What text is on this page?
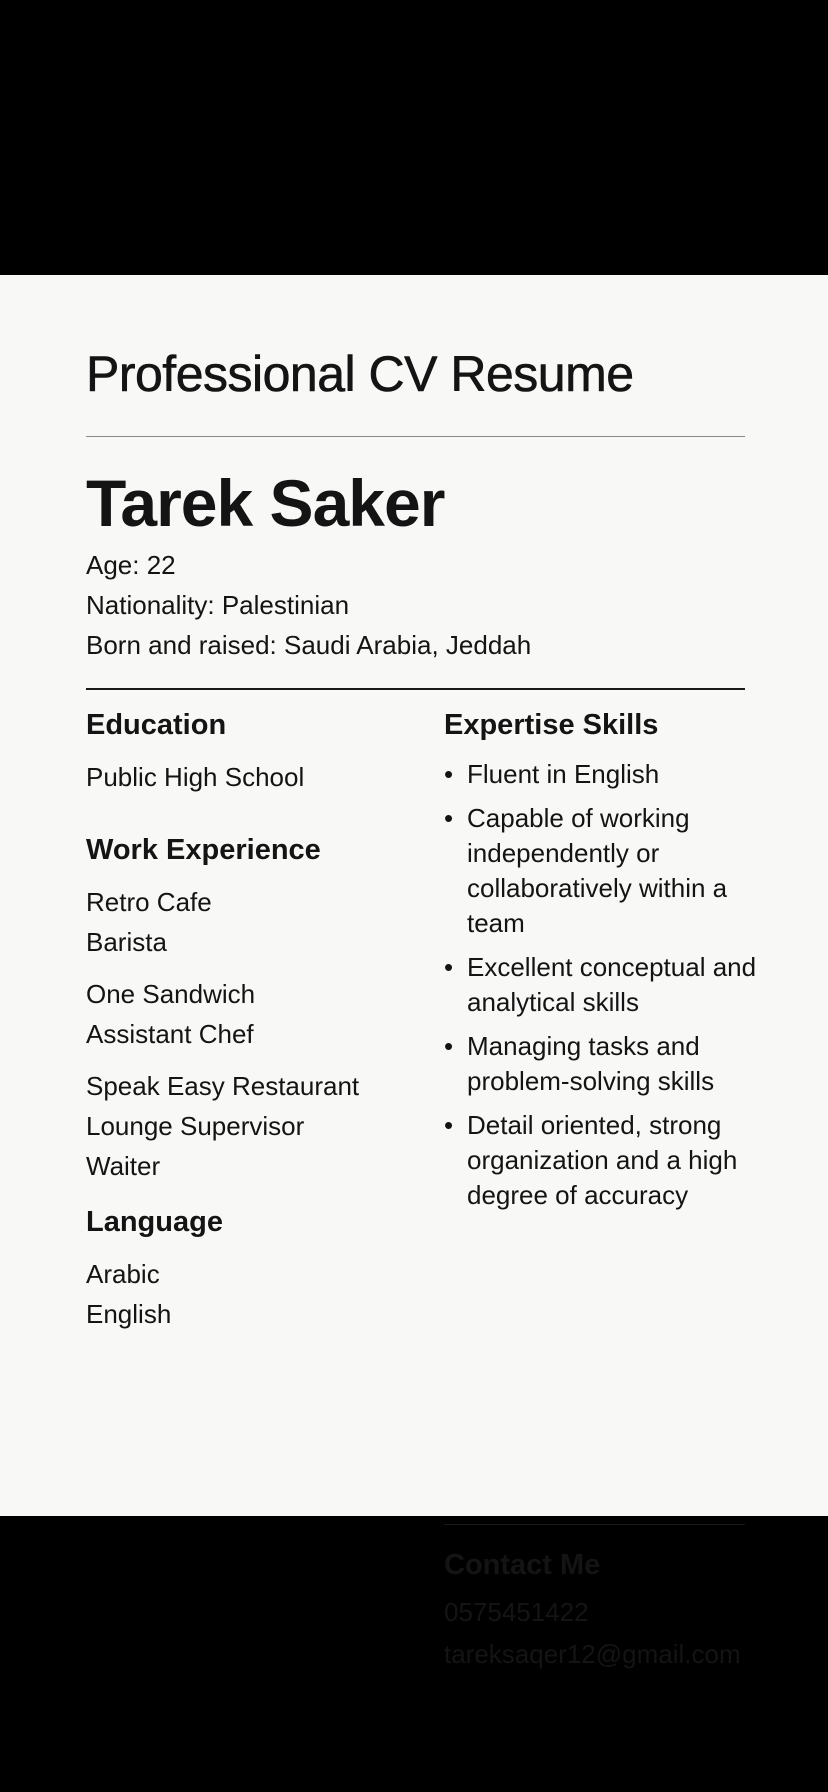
Professional CV Resume
Tarek Saker
Age: 22
Nationality: Palestinian
Born and raised: Saudi Arabia, Jeddah
Education
Public High School
Work Experience
Retro Cafe
Barista
One Sandwich
Assistant Chef
Speak Easy Restaurant
Lounge Supervisor
Waiter
Language
Arabic
English
Expertise Skills
• Fluent in English
• Capable of working independently or collaboratively within a team
• Excellent conceptual and analytical skills
• Managing tasks and problem-solving skills
• Detail oriented, strong organization and a high degree of accuracy
Contact Me
0575451422
tareksaqer12@gmail.com
